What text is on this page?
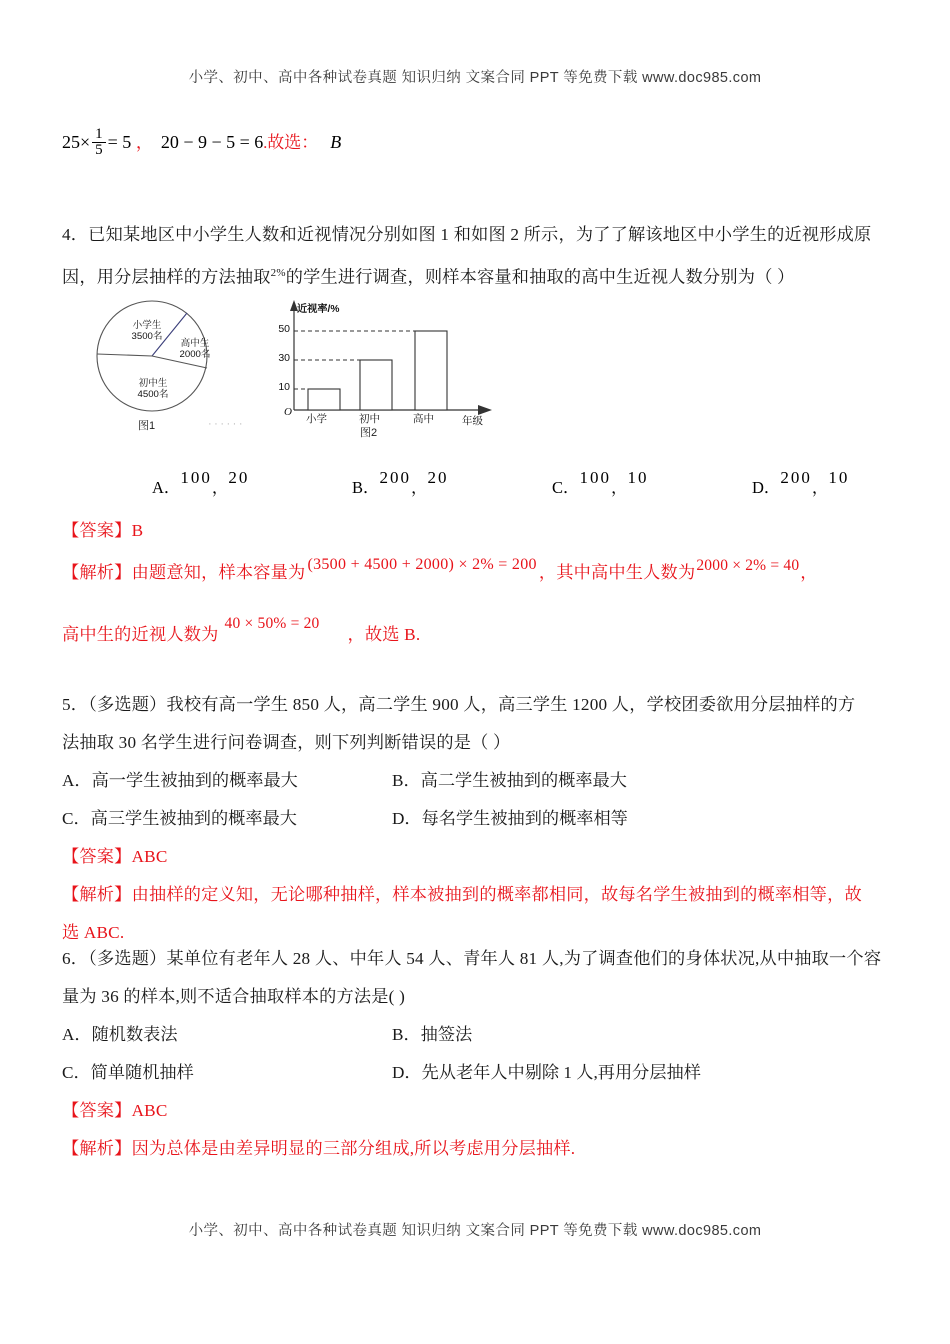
小学、初中、高中各种试卷真题 知识归纳 文案合同 PPT 等免费下载 www.doc985.com
$25\times \frac{1}{5} = 5$ ， 20 − 9 − 5 = 6.故选： B
4．已知某地区中小学生人数和近视情况分别如图 1 和如图 2 所示，为了了解该地区中小学生的近视形成原
因，用分层抽样的方法抽取$^{2\%}$的学生进行调查，则样本容量和抽取的高中生近视人数分别为（ ）
小学生
3500名
高中生
2000名
初中生
4500名
图1	······
近视率/%
10
30
50
O
小学	初中	高中	年级
图2
A．100，20
B．200，20
C．100，10
D．200，10
【答案】B
【解析】由题意知，样本容量为 (3500 + 4500 + 2000) × 2% = 200 ，其中高中生人数为2000 × 2% = 40，
高中生的近视人数为40 × 50% = 20，故选 B.
5．（多选题）我校有高一学生 850 人，高二学生 900 人，高三学生 1200 人，学校团委欲用分层抽样的方
法抽取 30 名学生进行问卷调查，则下列判断错误的是（ ）
A．高一学生被抽到的概率最大	B．高二学生被抽到的概率最大
C．高三学生被抽到的概率最大	D．每名学生被抽到的概率相等
【答案】ABC
【解析】由抽样的定义知，无论哪种抽样，样本被抽到的概率都相同，故每名学生被抽到的概率相等，故
选 ABC.
6．（多选题）某单位有老年人 28 人、中年人 54 人、青年人 81 人,为了调查他们的身体状况,从中抽取一个容
量为 36 的样本,则不适合抽取样本的方法是( )
A．随机数表法	B．抽签法
C．简单随机抽样	D．先从老年人中剔除 1 人,再用分层抽样
【答案】ABC
【解析】因为总体是由差异明显的三部分组成,所以考虑用分层抽样.
小学、初中、高中各种试卷真题 知识归纳 文案合同 PPT 等免费下载 www.doc985.com
